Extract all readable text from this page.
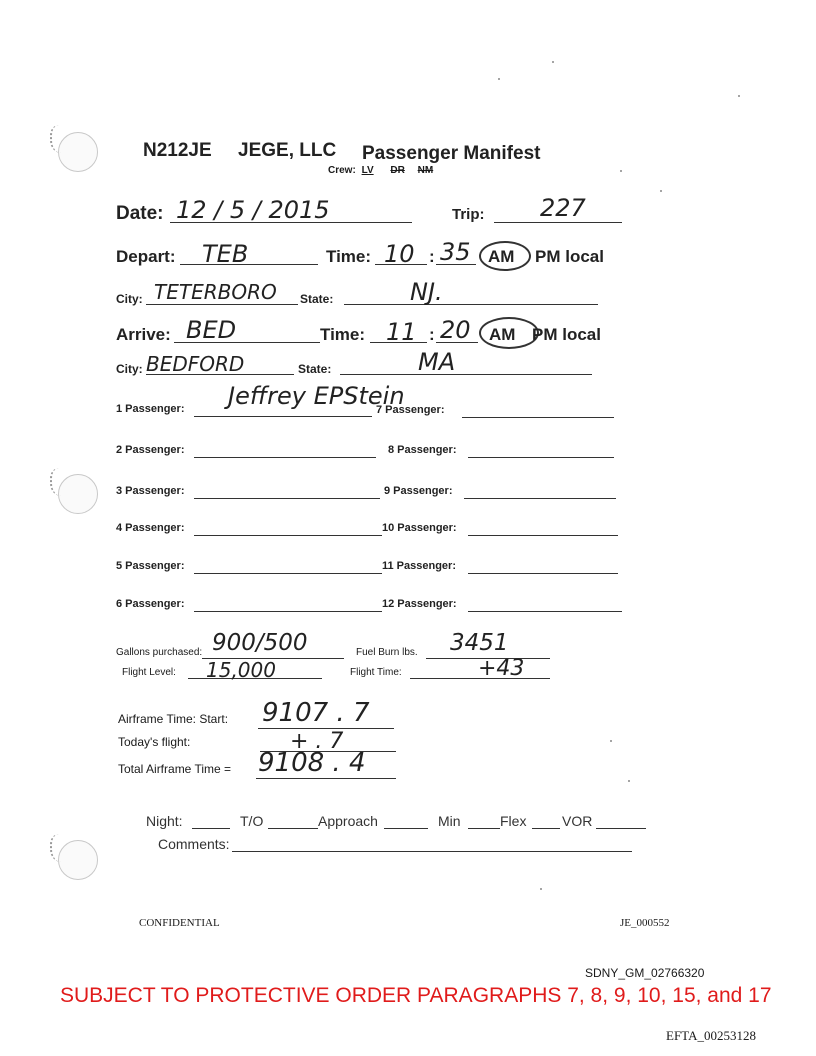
N212JE JEGE, LLC Passenger Manifest
Crew: LV DR NM
Date: 12 / 5 / 2015	Trip: 227
Depart: TEB	Time: 10 : 35 AM PM local
City: TETERBORO State:	NJ.
Arrive: BED	Time: 11 : 20 AM PM local
City: BEDFORD	State:	MA
1 Passenger: Jeffrey EPStein
2 Passenger:
3 Passenger:
4 Passenger:
5 Passenger:
6 Passenger:
7 Passenger:
8 Passenger:
9 Passenger:
10 Passenger:
11 Passenger:
12 Passenger:
Gallons purchased: 900/500	Fuel Burn lbs. 3451
Flight Level: 15,000	Flight Time:	+43
Airframe Time: Start: 9107 . 7
Today's flight:	+ . 7
Total Airframe Time = 9108 . 4
Night:	T/O	Approach	Min	Flex	VOR
Comments:
CONFIDENTIAL	JE_000552
SDNY_GM_02766320
SUBJECT TO PROTECTIVE ORDER PARAGRAPHS 7, 8, 9, 10, 15, and 17
EFTA_00253128
